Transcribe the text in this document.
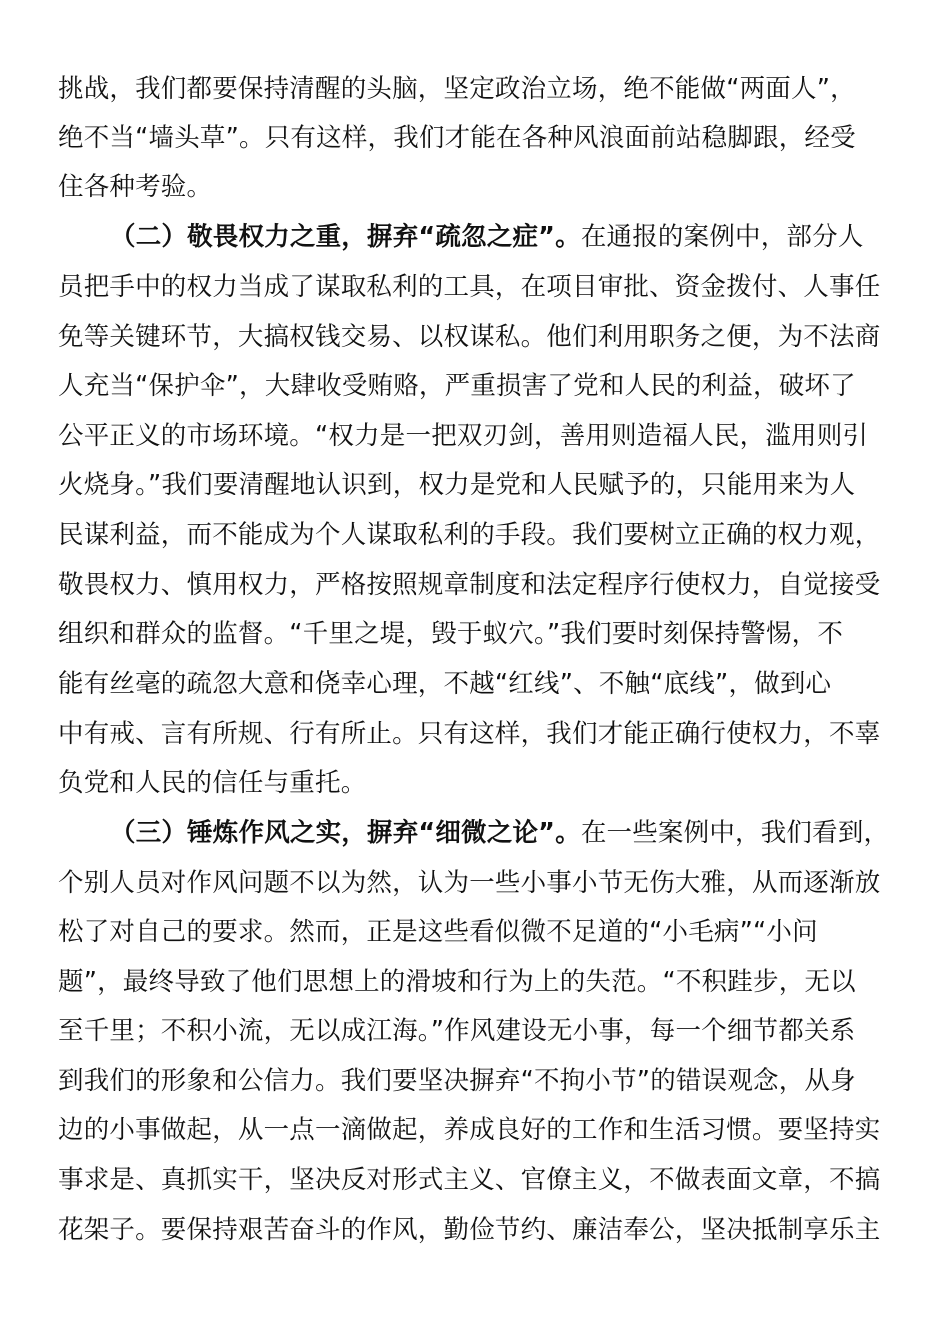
挑战，我们都要保持清醒的头脑，坚定政治立场，绝不能做“两面人”，
绝不当“墙头草”。只有这样，我们才能在各种风浪面前站稳脚跟，经受
住各种考验。
（二）敬畏权力之重，摒弃“疏忽之症”。在通报的案例中，部分人
员把手中的权力当成了谋取私利的工具，在项目审批、资金拨付、人事任
免等关键环节，大搞权钱交易、以权谋私。他们利用职务之便，为不法商
人充当“保护伞”，大肆收受贿赂，严重损害了党和人民的利益，破坏了
公平正义的市场环境。“权力是一把双刃剑，善用则造福人民，滥用则引
火烧身。”我们要清醒地认识到，权力是党和人民赋予的，只能用来为人
民谋利益，而不能成为个人谋取私利的手段。我们要树立正确的权力观，
敬畏权力、慎用权力，严格按照规章制度和法定程序行使权力，自觉接受
组织和群众的监督。“千里之堤，毁于蚁穴。”我们要时刻保持警惕，不
能有丝毫的疏忽大意和侥幸心理，不越“红线”、不触“底线”，做到心
中有戒、言有所规、行有所止。只有这样，我们才能正确行使权力，不辜
负党和人民的信任与重托。
（三）锤炼作风之实，摒弃“细微之论”。在一些案例中，我们看到，
个别人员对作风问题不以为然，认为一些小事小节无伤大雅，从而逐渐放
松了对自己的要求。然而，正是这些看似微不足道的“小毛病”“小问
题”，最终导致了他们思想上的滑坡和行为上的失范。“不积跬步，无以
至千里；不积小流，无以成江海。”作风建设无小事，每一个细节都关系
到我们的形象和公信力。我们要坚决摒弃“不拘小节”的错误观念，从身
边的小事做起，从一点一滴做起，养成良好的工作和生活习惯。要坚持实
事求是、真抓实干，坚决反对形式主义、官僚主义，不做表面文章，不搞
花架子。要保持艰苦奋斗的作风，勤俭节约、廉洁奉公，坚决抵制享乐主
